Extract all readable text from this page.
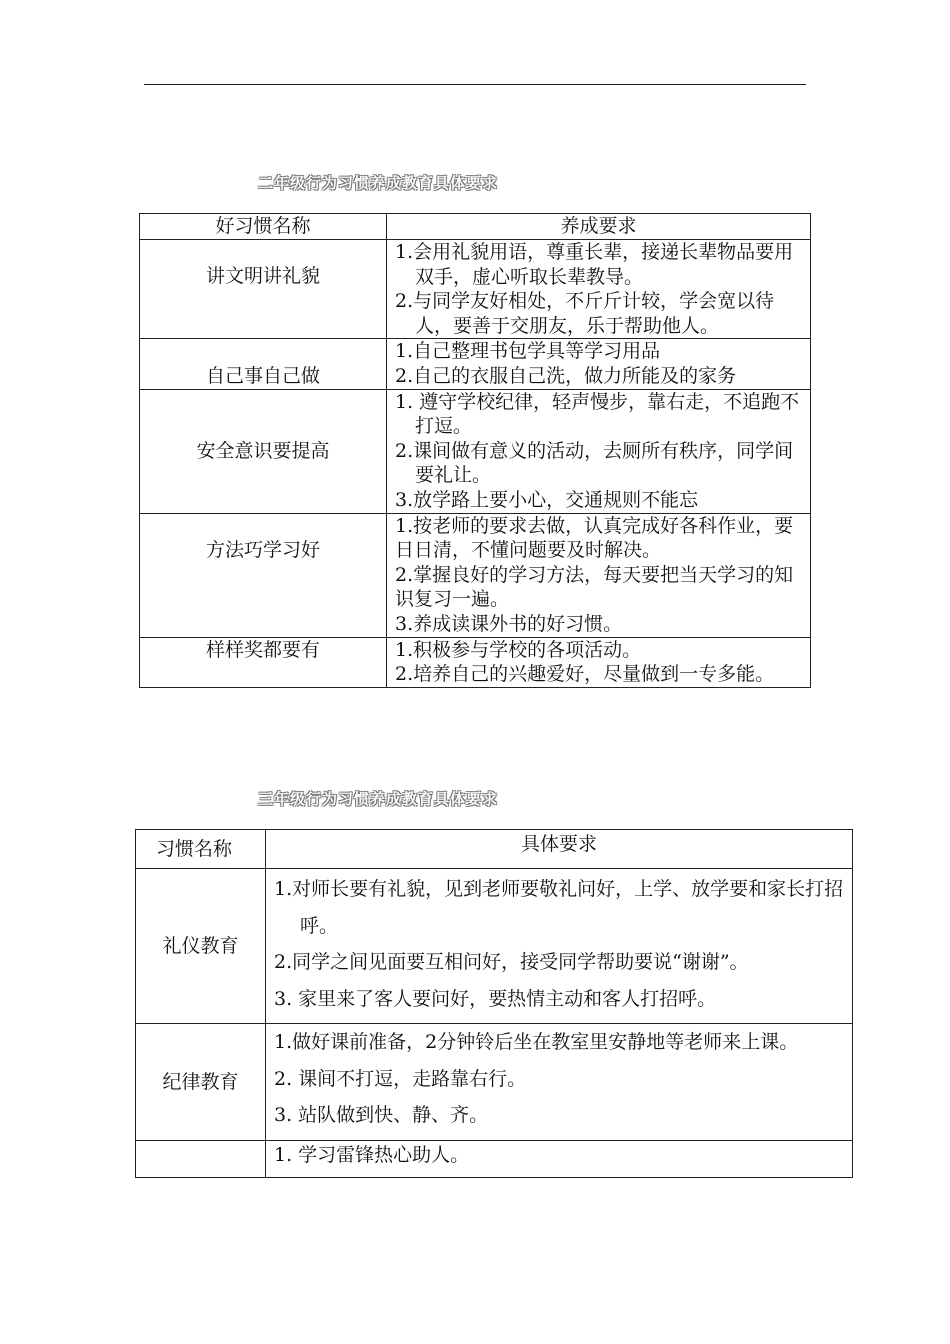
二年级行为习惯养成教育具体要求
好习惯名称	养成要求
讲文明讲礼貌	1.会用礼貌用语，尊重长辈，接递长辈物品要用双手，虚心听取长辈教导。
2.与同学友好相处，不斤斤计较，学会宽以待人，要善于交朋友，乐于帮助他人。

自己事自己做	1.自己整理书包学具等学习用品
2.自己的衣服自己洗，做力所能及的家务

安全意识要提高	1. 遵守学校纪律，轻声慢步，靠右走，不追跑不打逗。
2.课间做有意义的活动，去厕所有秩序，同学间要礼让。
3.放学路上要小心，交通规则不能忘

方法巧学习好	1.按老师的要求去做，认真完成好各科作业，要日日清，不懂问题要及时解决。
2.掌握良好的学习方法，每天要把当天学习的知识复习一遍。
3.养成读课外书的好习惯。

样样奖都要有	1.积极参与学校的各项活动。
2.培养自己的兴趣爱好，尽量做到一专多能。
三年级行为习惯养成教育具体要求
习惯名称	具体要求
礼仪教育	1.对师长要有礼貌，见到老师要敬礼问好，上学、放学要和家长打招呼。
2.同学之间见面要互相问好，接受同学帮助要说“谢谢”。
3. 家里来了客人要问好，要热情主动和客人打招呼。

纪律教育	1.做好课前准备，2分钟铃后坐在教室里安静地等老师来上课。
2. 课间不打逗，走路靠右行。
3. 站队做到快、静、齐。

	1. 学习雷锋热心助人。
